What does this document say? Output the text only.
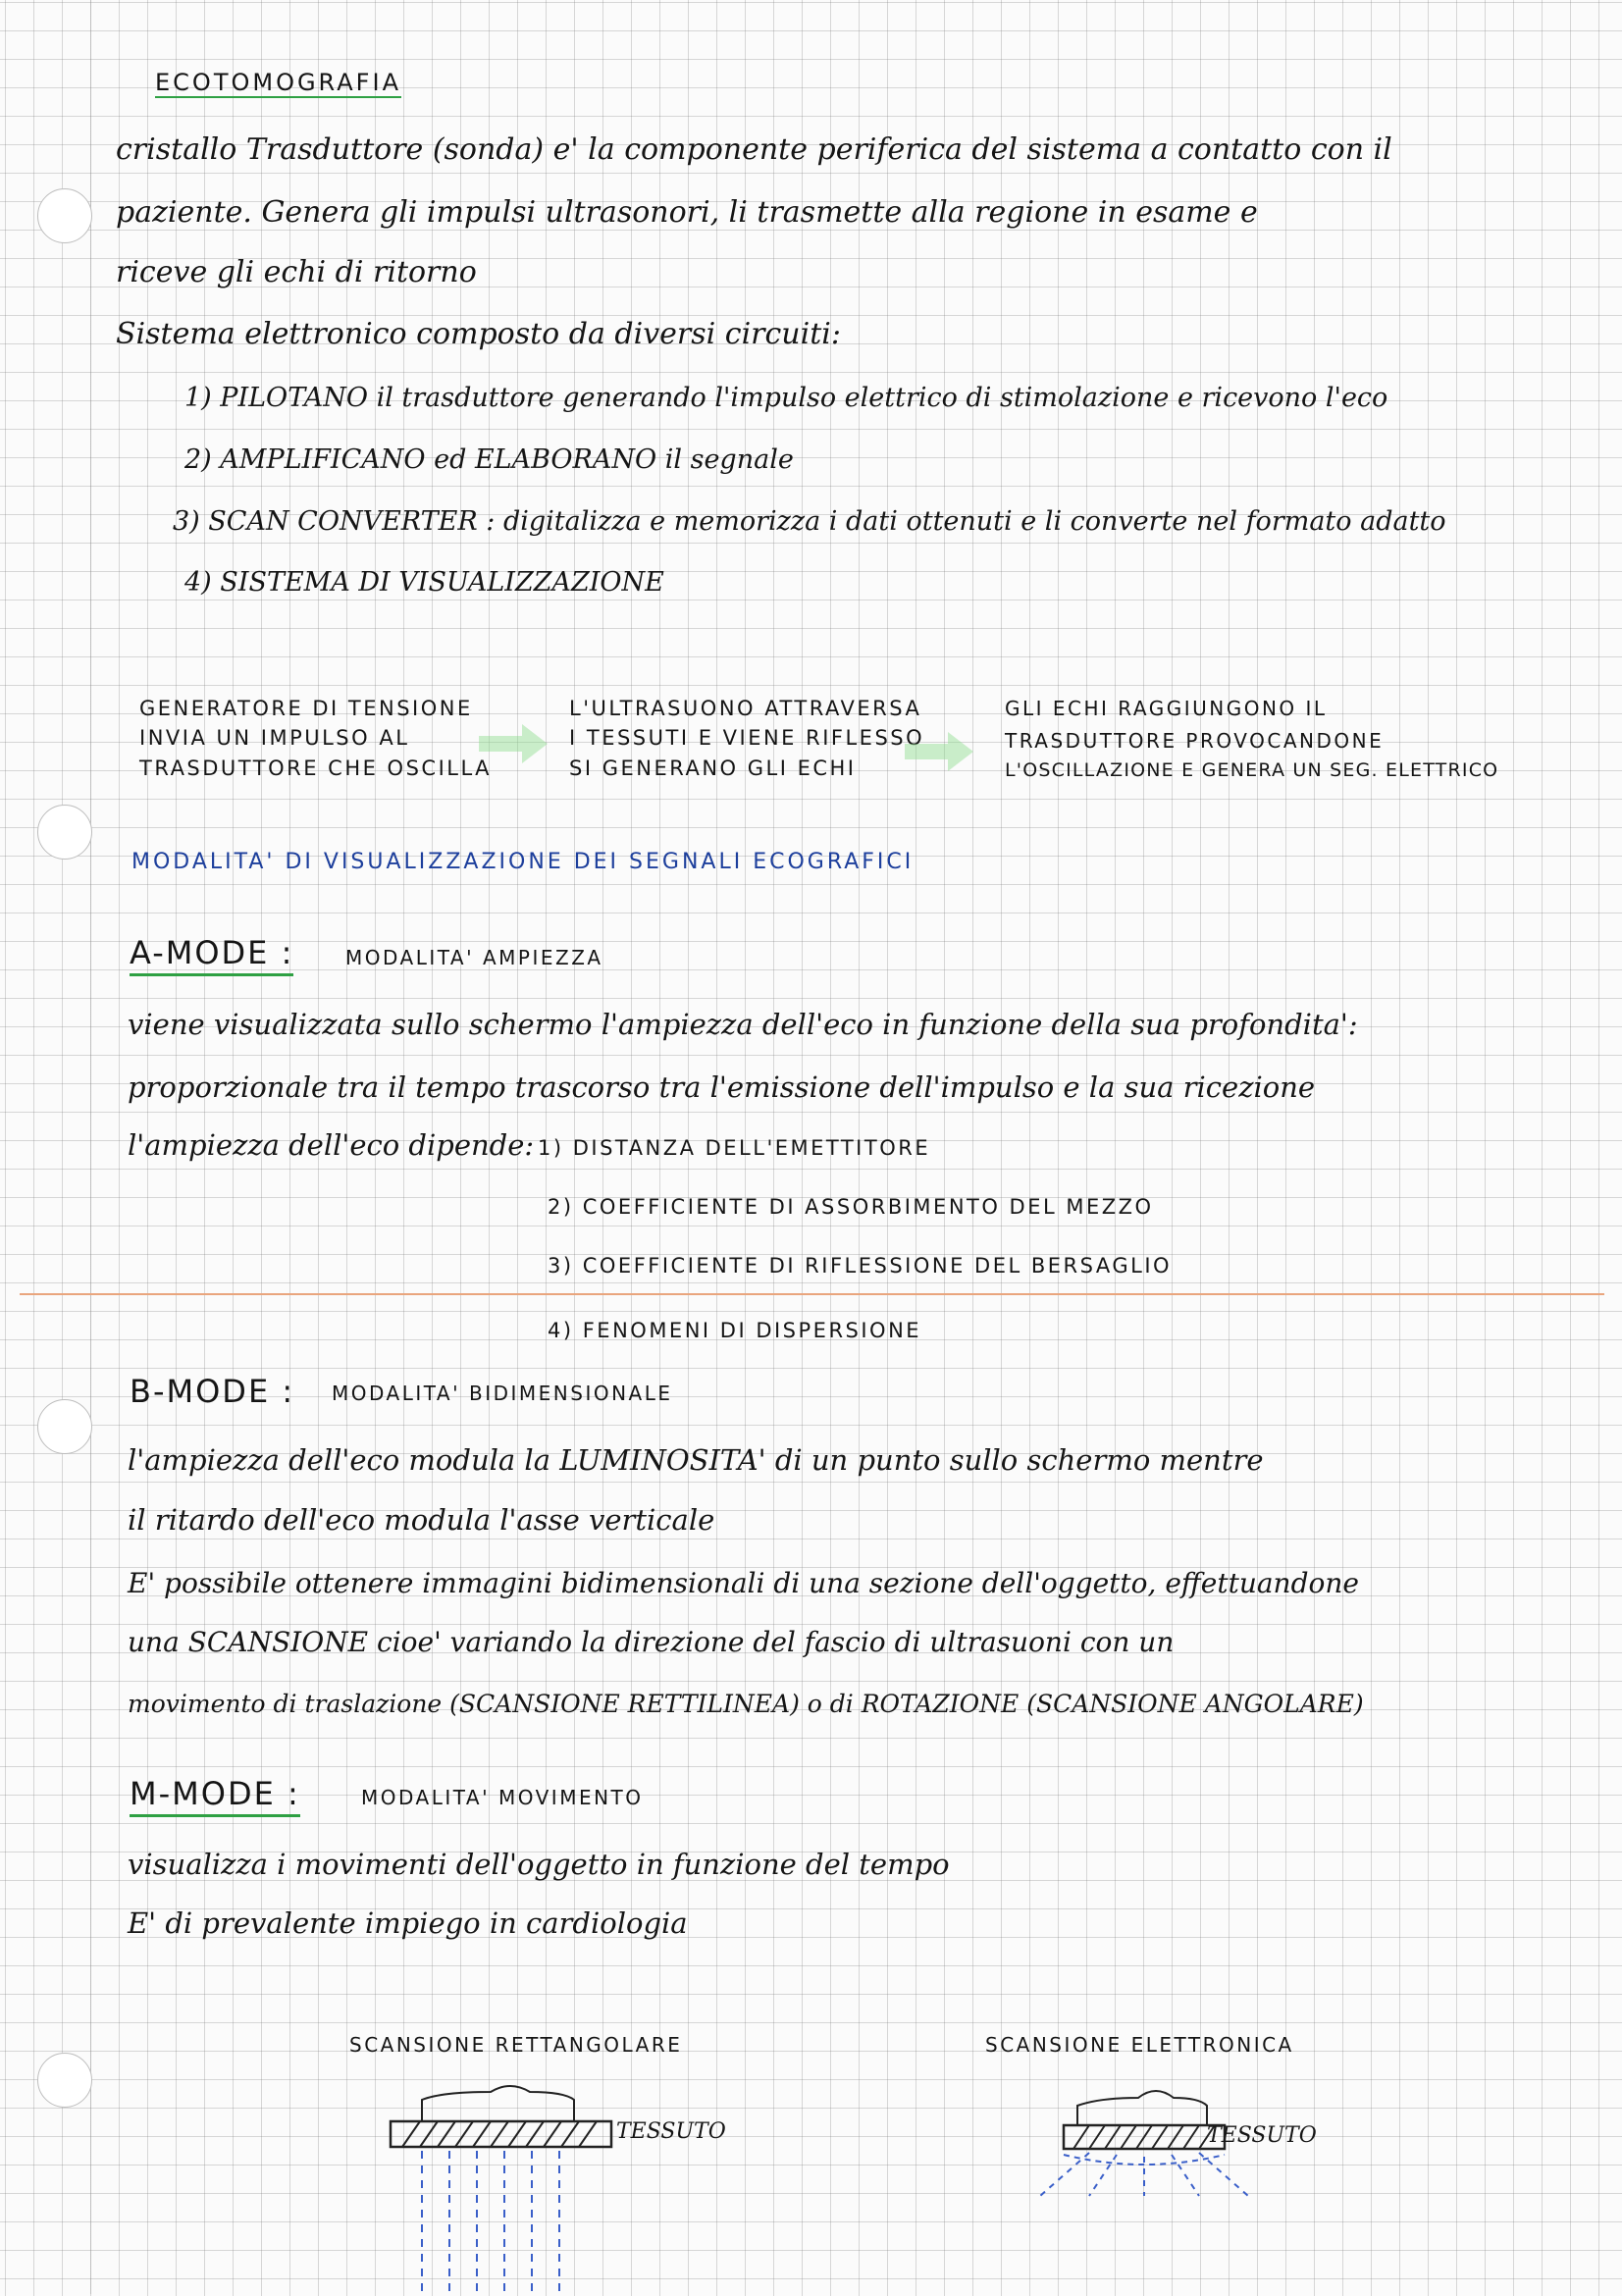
ECOTOMOGRAFIA
cristallo Trasduttore (sonda) e' la componente periferica del sistema a contatto con il
paziente. Genera gli impulsi ultrasonori, li trasmette alla regione in esame e
riceve gli echi di ritorno
Sistema elettronico composto da diversi circuiti:
1) PILOTANO il trasduttore generando l'impulso elettrico di stimolazione e ricevono l'eco
2) AMPLIFICANO ed ELABORANO il segnale
3) SCAN CONVERTER : digitalizza e memorizza i dati ottenuti e li converte nel formato adatto
4) SISTEMA DI VISUALIZZAZIONE
GENERATORE DI TENSIONE
INVIA UN IMPULSO AL
TRASDUTTORE CHE OSCILLA
L'ULTRASUONO ATTRAVERSA
I TESSUTI E VIENE RIFLESSO
SI GENERANO GLI ECHI
GLI ECHI RAGGIUNGONO IL
TRASDUTTORE PROVOCANDONE
L'OSCILLAZIONE E GENERA UN SEG. ELETTRICO
MODALITA' DI VISUALIZZAZIONE DEI SEGNALI ECOGRAFICI
A-MODE :	MODALITA' AMPIEZZA
viene visualizzata sullo schermo l'ampiezza dell'eco in funzione della sua profondita':
proporzionale tra il tempo trascorso tra l'emissione dell'impulso e la sua ricezione
l'ampiezza dell'eco dipende: 1) DISTANZA DELL'EMETTITORE
2) COEFFICIENTE DI ASSORBIMENTO DEL MEZZO
3) COEFFICIENTE DI RIFLESSIONE DEL BERSAGLIO
4) FENOMENI DI DISPERSIONE
B-MODE : MODALITA' BIDIMENSIONALE
l'ampiezza dell'eco modula la LUMINOSITA' di un punto sullo schermo mentre
il ritardo dell'eco modula l'asse verticale
E' possibile ottenere immagini bidimensionali di una sezione dell'oggetto, effettuandone
una SCANSIONE cioe' variando la direzione del fascio di ultrasuoni con un
movimento di traslazione (SCANSIONE RETTILINEA) o di ROTAZIONE (SCANSIONE ANGOLARE)
M-MODE :	MODALITA' MOVIMENTO
visualizza i movimenti dell'oggetto in funzione del tempo
E' di prevalente impiego in cardiologia
SCANSIONE RETTANGOLARE
TESSUTO
SCANSIONE ELETTRONICA
TESSUTO
